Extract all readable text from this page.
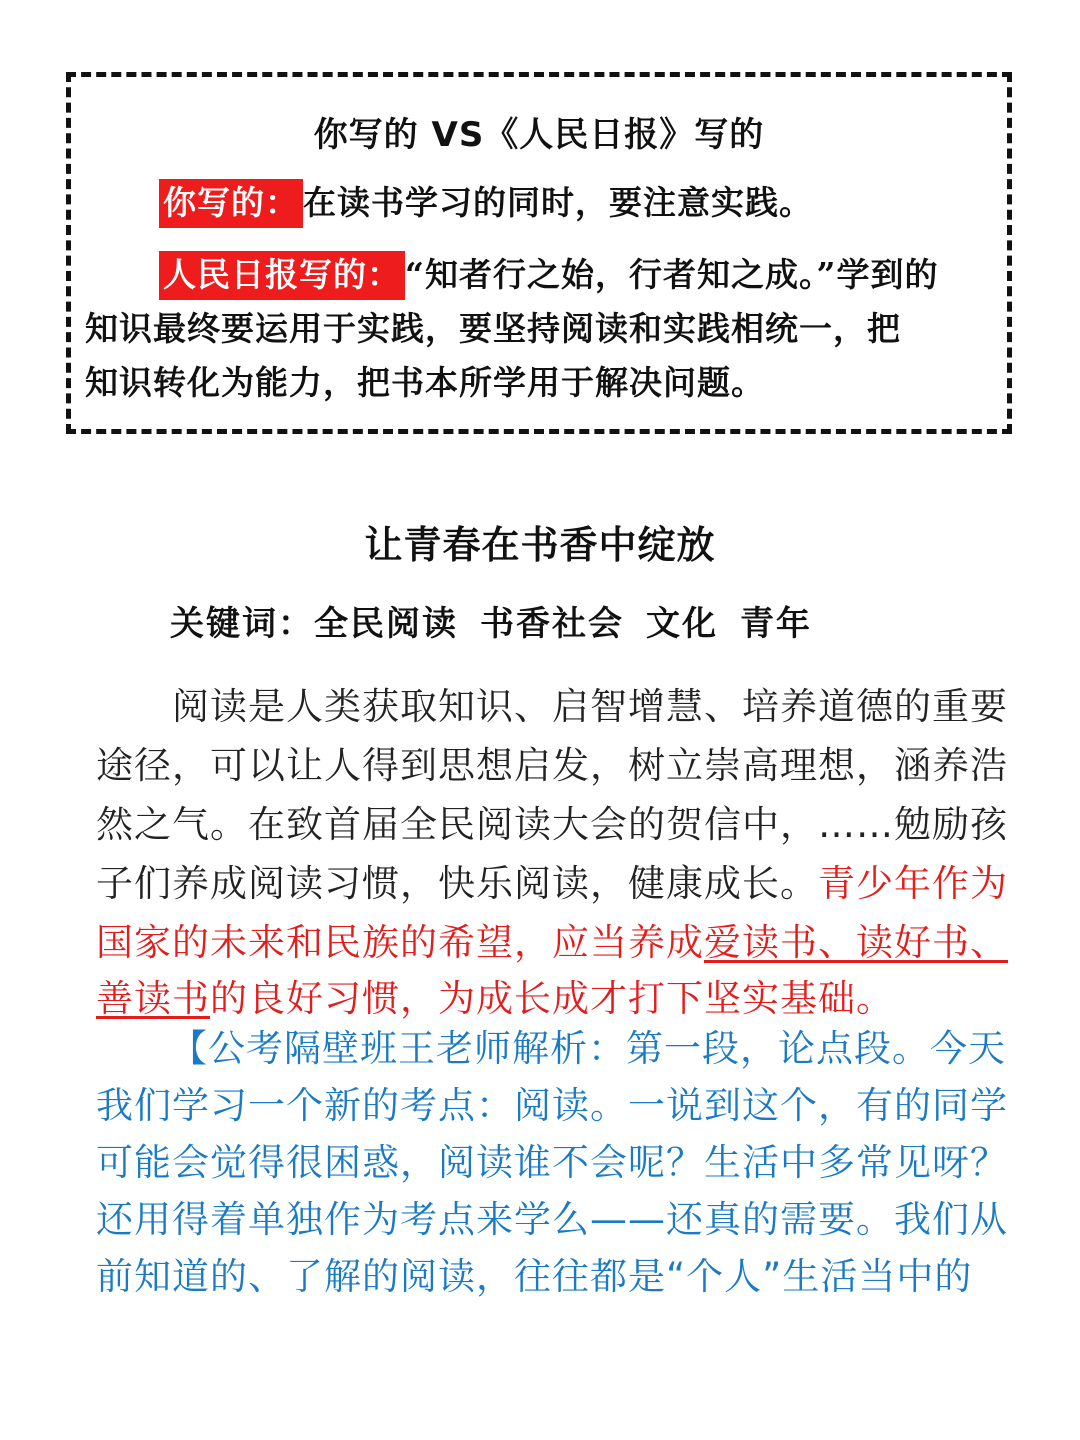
你写的 VS《人民日报》写的
你写的： 在读书学习的同时，要注意实践。
人民日报写的： “知者行之始，行者知之成。”学到的
知识最终要运用于实践，要坚持阅读和实践相统一，把
知识转化为能力，把书本所学用于解决问题。
让青春在书香中绽放
关键词：全民阅读 书香社会 文化 青年
阅读是人类获取知识、启智增慧、培养道德的重要
途径，可以让人得到思想启发，树立崇高理想，涵养浩
然之气。在致首届全民阅读大会的贺信中，……勉励孩
子们养成阅读习惯，快乐阅读，健康成长。青少年作为
国家的未来和民族的希望，应当养成爱读书、读好书、
善读书的良好习惯，为成长成才打下坚实基础。
【公考隔壁班王老师解析：第一段，论点段。今天
我们学习一个新的考点：阅读。一说到这个，有的同学
可能会觉得很困惑，阅读谁不会呢？生活中多常见呀？
还用得着单独作为考点来学么——还真的需要。我们从
前知道的、了解的阅读，往往都是“个人”生活当中的
